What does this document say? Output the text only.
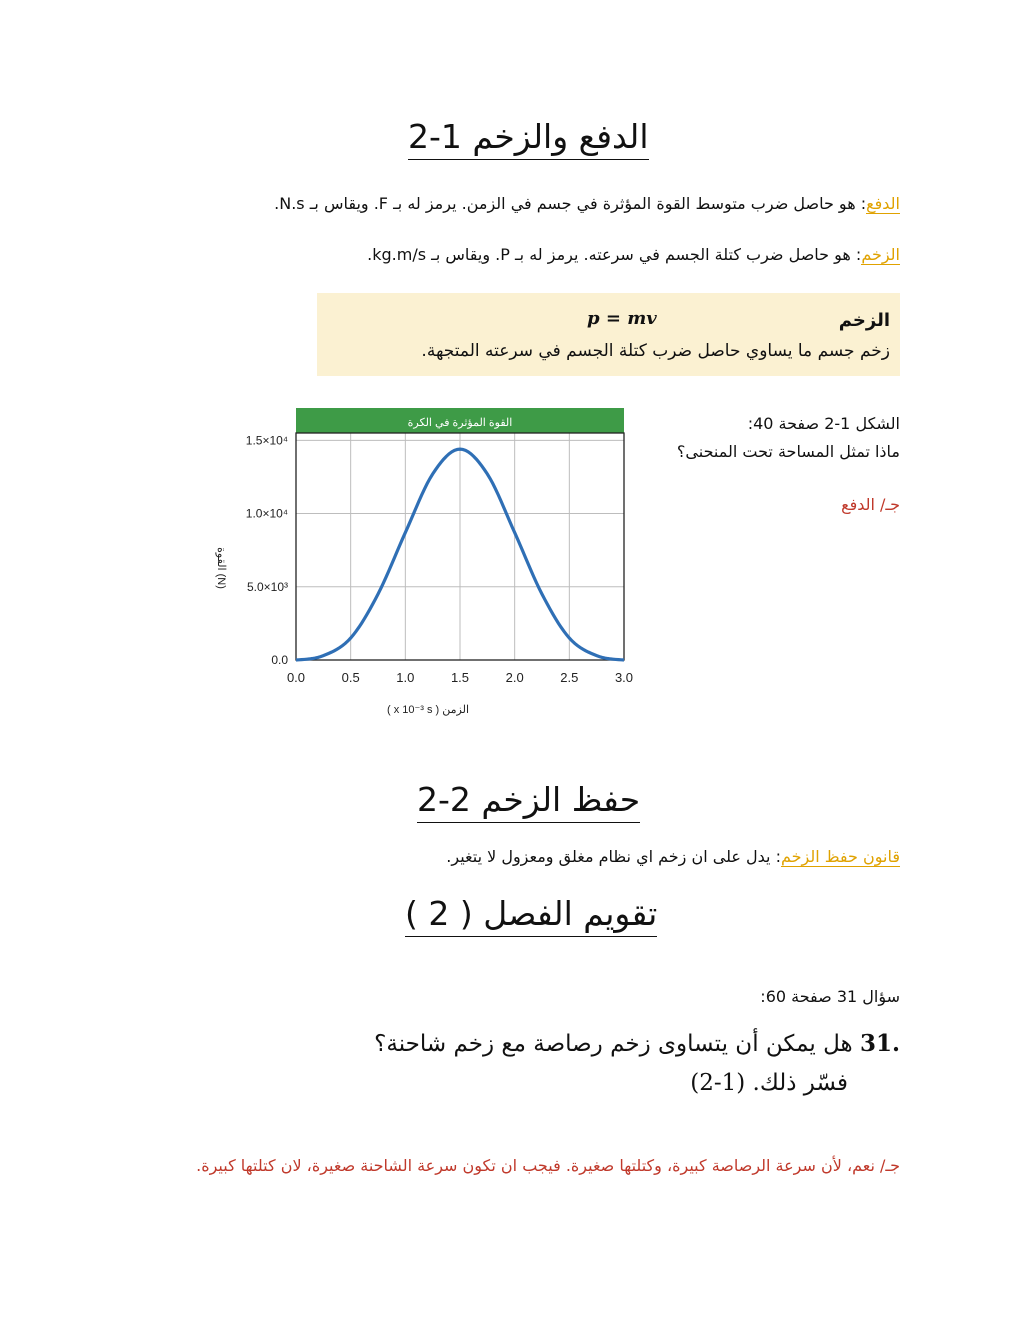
الدفع والزخم 1-2
الدفع: هو حاصل ضرب متوسط القوة المؤثرة في جسم في الزمن. يرمز له بـ F. ويقاس بـ N.s.
الزخم: هو حاصل ضرب كتلة الجسم في سرعته. يرمز له بـ P. ويقاس بـ kg.m/s.
الزخم
p = mv
زخم جسم ما يساوي حاصل ضرب كتلة الجسم في سرعته المتجهة.
القوة المؤثرة في الكرة
0.0
5.0×10³
1.0×10⁴
1.5×10⁴
0.0	0.5	1.0	1.5	2.0	2.5	3.0
( x 10⁻³ s ) الزمن
القوة (N)
الشكل 1-2 صفحة 40:
ماذا تمثل المساحة تحت المنحنى؟
جـ/ الدفع
حفظ الزخم 2-2
قانون حفظ الزخم: يدل على ان زخم اي نظام مغلق ومعزول لا يتغير.
تقويم الفصل ( 2 )
سؤال 31 صفحة 60:
31. هل يمكن أن يتساوى زخم رصاصة مع زخم شاحنة؟
فسّر ذلك. (1-2)
جـ/ نعم، لأن سرعة الرصاصة كبيرة، وكتلتها صغيرة. فيجب ان تكون سرعة الشاحنة صغيرة، لان كتلتها كبيرة.
